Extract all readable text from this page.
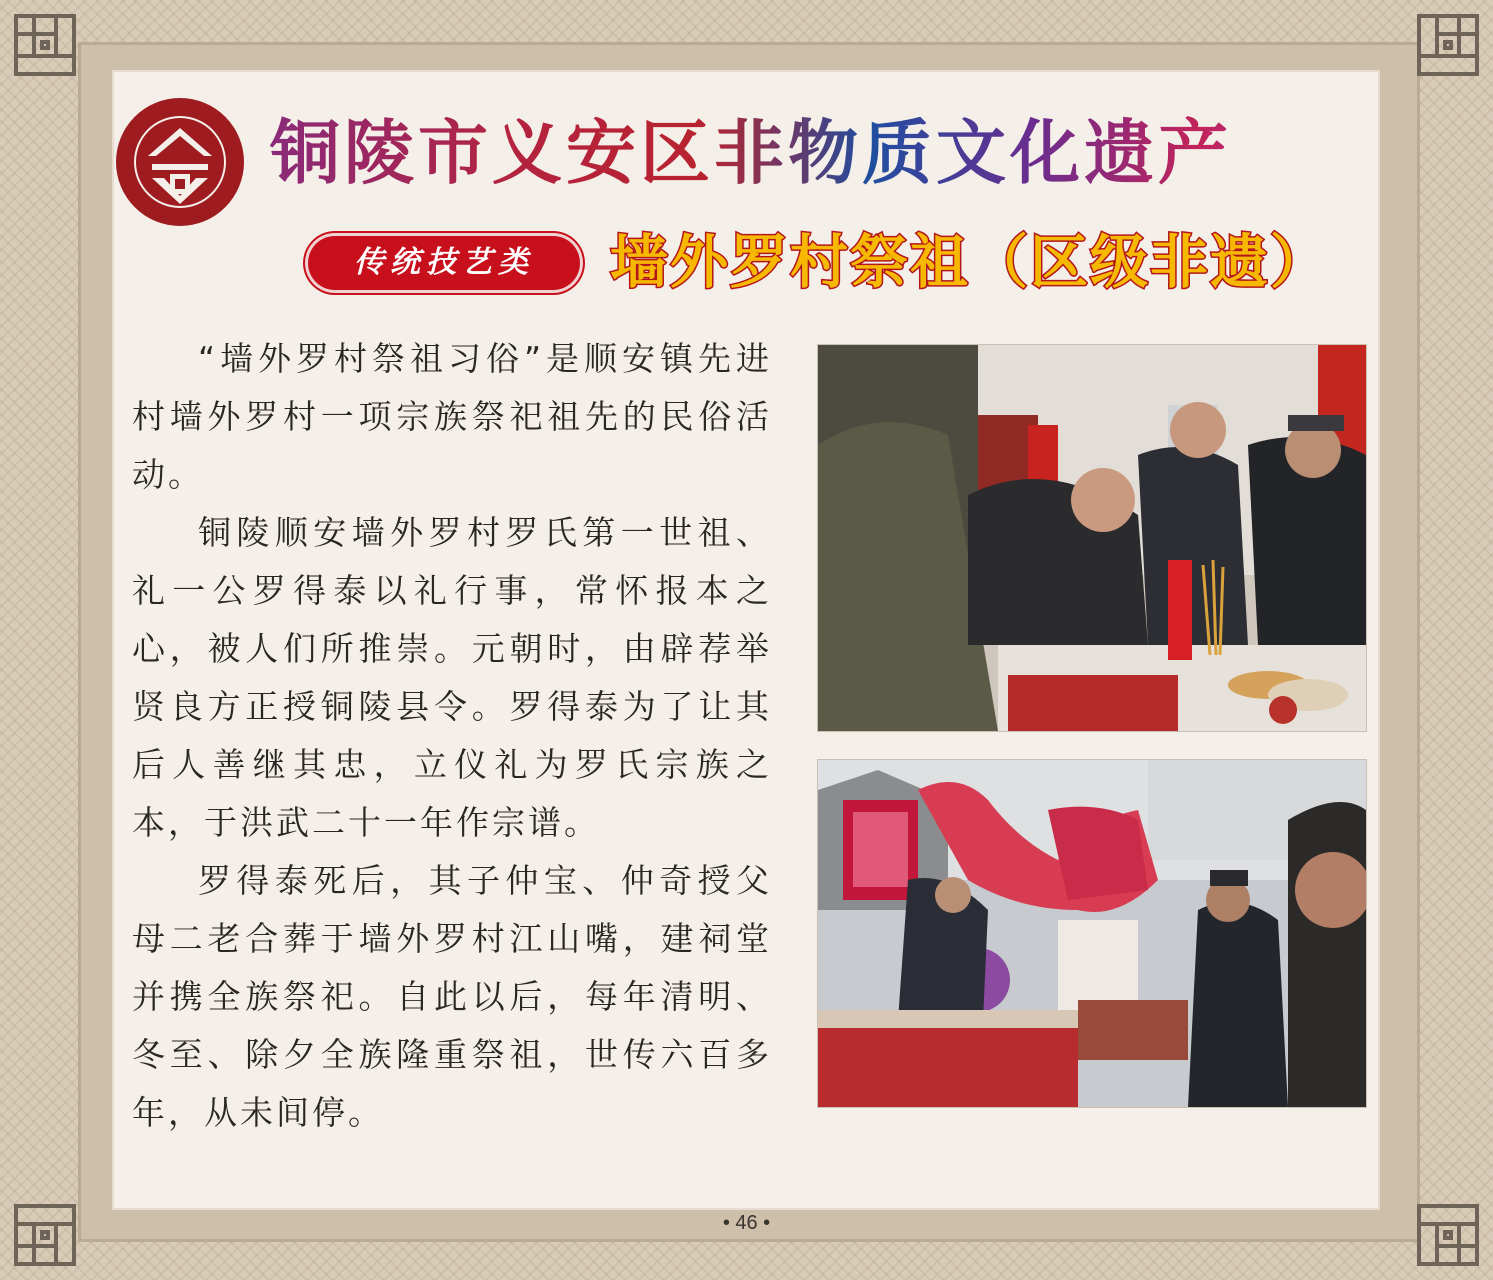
铜陵市义安区非物质文化遗产
传统技艺类	墙外罗村祭祖（区级非遗）

“墙外罗村祭祖习俗”是顺安镇先进村墙外罗村一项宗族祭祀祖先的民俗活动。

铜陵顺安墙外罗村罗氏第一世祖、礼一公罗得泰以礼行事，常怀报本之心，被人们所推崇。元朝时，由辟荐举贤良方正授铜陵县令。罗得泰为了让其后人善继其忠，立仪礼为罗氏宗族之本，于洪武二十一年作宗谱。

罗得泰死后，其子仲宝、仲奇授父母二老合葬于墙外罗村江山嘴，建祠堂并携全族祭祀。自此以后，每年清明、冬至、除夕全族隆重祭祖，世传六百多年，从未间停。

• 46 •
